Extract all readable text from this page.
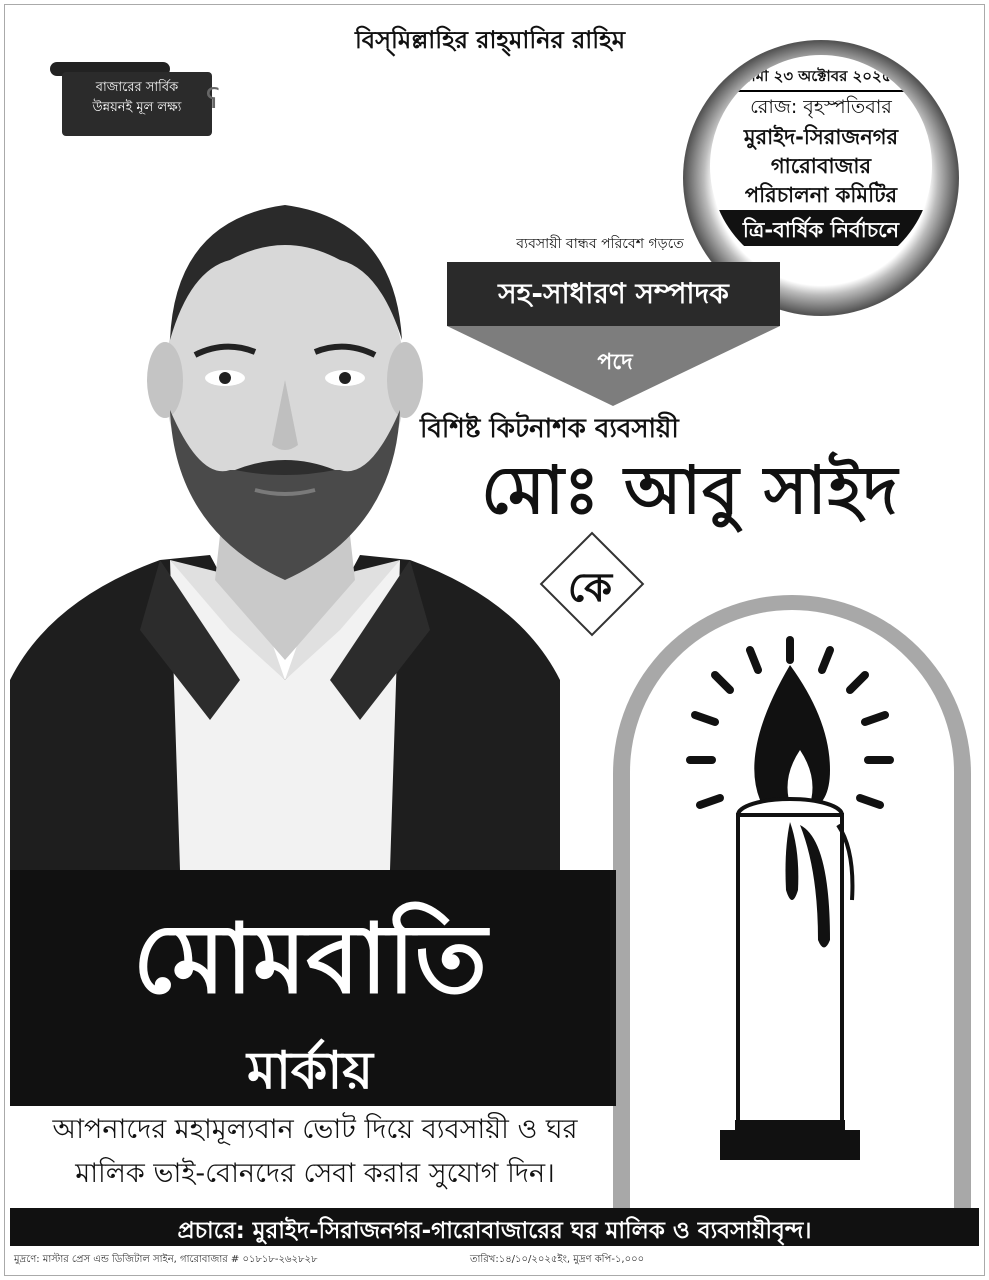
বিস্‌মিল্লাহির রাহ্‌মানির রাহিম
বাজারের সার্বিক
উন্নয়নই মূল লক্ষ্য ʕ
আগামী ২৩ অক্টোবর ২০২৫ খ্রি.
রোজ: বৃহস্পতিবার
মুরাইদ-সিরাজনগর
গারোবাজার
পরিচালনা কমিটির
ত্রি-বার্ষিক নির্বাচনে
ব্যবসায়ী বান্ধব পরিবেশ গড়তে
সহ-সাধারণ সম্পাদক
পদে
বিশিষ্ট কিটনাশক ব্যবসায়ী
মোঃ আবু সাইদ
কে
মোমবাতি
মার্কায়
আপনাদের মহামূল্যবান ভোট দিয়ে ব্যবসায়ী ও ঘর
মালিক ভাই-বোনদের সেবা করার সুযোগ দিন।
প্রচারে: মুরাইদ-সিরাজনগর-গারোবাজারের ঘর মালিক ও ব্যবসায়ীবৃন্দ।
মুদ্রণে: মাস্টার প্রেস এন্ড ডিজিটাল সাইন, গারোবাজার # ০১৮১৮-২৬২৮২৮	তারিখ:১৪/১০/২০২৫ইং, মুদ্রণ কপি-১,০০০
